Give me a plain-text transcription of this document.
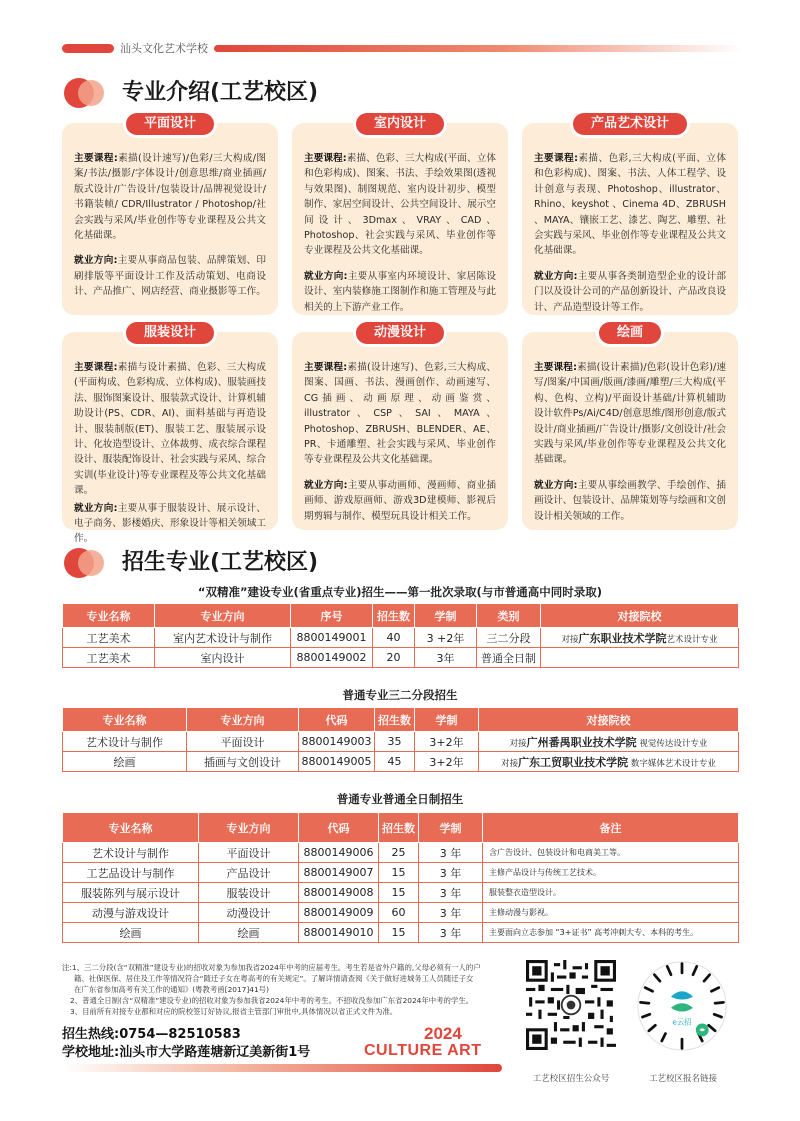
汕头文化艺术学校
专业介绍(工艺校区)
平面设计

主要课程:素描(设计速写)/色彩/三大构成/图案/书法/摄影/字体设计/创意思维/商业插画/版式设计/广告设计/包装设计/品牌视觉设计/书籍装帧/ CDR/Illustrator / Photoshop/社会实践与采风/毕业创作等专业课程及公共文化基础课。

就业方向:主要从事商品包装、品牌策划、印刷排版等平面设计工作及活动策划、电商设计、产品推广、网店经营、商业摄影等工作。

室内设计

主要课程:素描、色彩、三大构成(平面、立体和色彩构成)、图案、书法、手绘效果图(透视与效果图)、制图规范、室内设计初步、模型制作、家居空间设计、公共空间设计、展示空间设计、3Dmax、VRAY、CAD、Photoshop、社会实践与采风、毕业创作等专业课程及公共文化基础课。

就业方向:主要从事室内环境设计、家居陈设设计、室内装修施工图制作和施工管理及与此相关的上下游产业工作。

产品艺术设计

主要课程:素描、色彩,三大构成(平面、立体和色彩构成)、图案、书法、人体工程学、设计创意与表现、Photoshop、illustrator、Rhino、keyshot 、Cinema 4D、ZBRUSH 、MAYA、镶嵌工艺、漆艺、陶艺、雕塑、社会实践与采风、毕业创作等专业课程及公共文化基础课。

就业方向:主要从事各类制造型企业的设计部门以及设计公司的产品创新设计、产品改良设计、产品造型设计等工作。

服装设计

主要课程:素描与设计素描、色彩、三大构成(平面构成、色彩构成、立体构成)、服装画技法、服饰图案设计、服装款式设计、计算机辅助设计(PS、CDR、AI)、面料基础与再造设计、服装制版(ET)、服装工艺、服装展示设计、化妆造型设计、立体裁剪、成衣综合课程设计、服装配饰设计、社会实践与采风、综合实训(毕业设计)等专业课程及等公共文化基础课。

就业方向:主要从事于服装设计、展示设计、电子商务、影楼婚庆、形象设计等相关领域工作。

动漫设计

主要课程:素描(设计速写)、色彩,三大构成、图案、国画、书法、漫画创作、动画速写、CG插画、动画原理、动画鉴赏、illustrator、CSP、SAI、MAYA、Photoshop、ZBRUSH、BLENDER、AE、PR、卡通雕塑、社会实践与采风、毕业创作等专业课程及公共文化基础课。

就业方向:主要从事动画师、漫画师、商业插画师、游戏原画师、游戏3D建模师、影视后期剪辑与制作、模型玩具设计相关工作。

绘画

主要课程:素描(设计素描)/色彩(设计色彩)/速写/图案/中国画/版画/漆画/雕塑/三大构成(平构、色构、立构)/平面设计基础/计算机辅助设计软件Ps/Ai/C4D/创意思维/图形创意/版式设计/商业插画/广告设计/摄影/文创设计/社会实践与采风/毕业创作等专业课程及公共文化基础课。

就业方向:主要从事绘画教学、手绘创作、插画设计、包装设计、品牌策划等与绘画和文创设计相关领域的工作。

招生专业(工艺校区)
“双精准”建设专业(省重点专业)招生——第一批次录取(与市普通高中同时录取)
专业名称	专业方向	序号	招生数	学制	类别	对接院校
工艺美术	室内艺术设计与制作	8800149001	40	3 +2年	三二分段	对接广东职业技术学院艺术设计专业
工艺美术	室内设计	8800149002	20	3年	普通全日制	
普通专业三二分段招生
专业名称	专业方向	代码	招生数	学制	对接院校
艺术设计与制作	平面设计	8800149003	35	3+2年	对接广州番禺职业技术学院 视觉传达设计专业
绘画	插画与文创设计	8800149005	45	3+2年	对接广东工贸职业技术学院 数字媒体艺术设计专业
普通专业普通全日制招生
专业名称	专业方向	代码	招生数	学制	备注
艺术设计与制作	平面设计	8800149006	25	3 年	含广告设计、包装设计和电商美工等。
工艺品设计与制作	产品设计	8800149007	15	3 年	主修产品设计与传统工艺技术。
服装陈列与展示设计	服装设计	8800149008	15	3 年	服装整衣造型设计。
动漫与游戏设计	动漫设计	8800149009	60	3 年	主修动漫与影视。
绘画	绘画	8800149010	15	3 年	主要面向立志参加 “3+证书” 高考冲刺大专、本科的考生。
注:1、三二分段(含“双精准”建设专业)的招收对象为参加我省2024年中考的应届考生。考生若是省外户籍的,父母必须有一人的户
籍、社保医保、居住及工作等情况符合“随迁子女在粤高考的有关规定”。了解详情请查阅《关于做好进城务工人员随迁子女
在广东省参加高考有关工作的通知》(粤教考函[2017]41号)
2、普通全日制(含“双精准”建设专业)的招收对象为参加我省2024年中考的考生。不招收没参加广东省2024年中考的学生。
3、目前所有对接专业都和对应的院校签订好协议,报省主管部门审批中,具体情况以省正式文件为准。
招生热线:0754—82510583
学校地址:汕头市大学路莲塘新辽美新街1号
2024
CULTURE ART
工艺校区招生公众号
e云招
工艺校区报名链接
